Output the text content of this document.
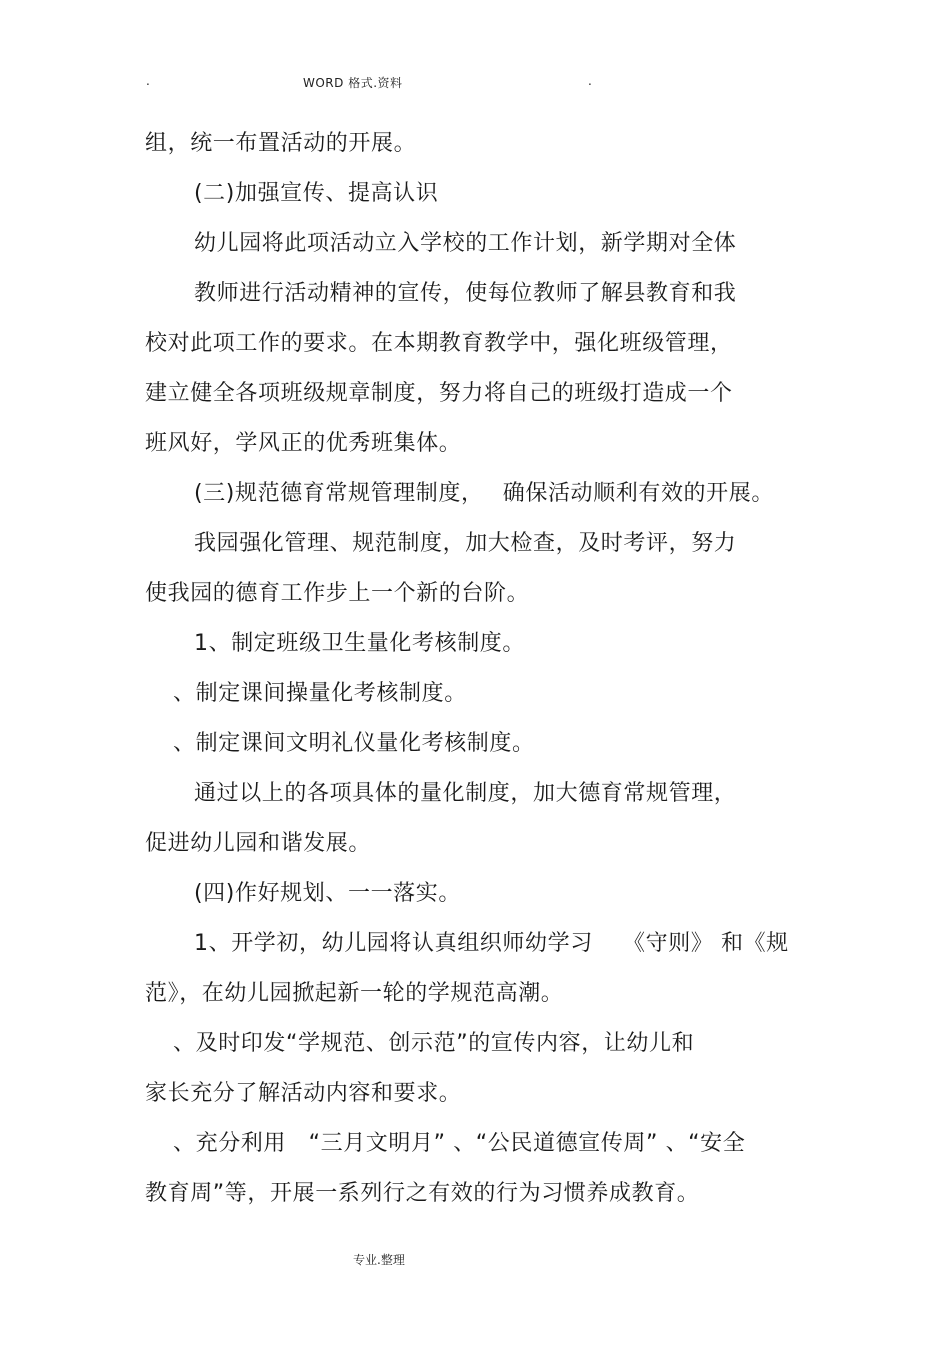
.	WORD 格式.资料	.
组，统一布置活动的开展。
(二)加强宣传、提高认识
幼儿园将此项活动立入学校的工作计划，新学期对全体
教师进行活动精神的宣传，使每位教师了解县教育和我
校对此项工作的要求。在本期教育教学中，强化班级管理，
建立健全各项班级规章制度，努力将自己的班级打造成一个
班风好，学风正的优秀班集体。
(三)规范德育常规管理制度，　 确保活动顺利有效的开展。
我园强化管理、规范制度，加大检查，及时考评，努力
使我园的德育工作步上一个新的台阶。
1、制定班级卫生量化考核制度。
、制定课间操量化考核制度。
、制定课间文明礼仪量化考核制度。
通过以上的各项具体的量化制度，加大德育常规管理，
促进幼儿园和谐发展。
(四)作好规划、一一落实。
1、开学初，幼儿园将认真组织师幼学习　 《守则》 和《规
范》，在幼儿园掀起新一轮的学规范高潮。
、及时印发“学规范、创示范”的宣传内容，让幼儿和
家长充分了解活动内容和要求。
、充分利用　“三月文明月” 、“公民道德宣传周” 、“安全
教育周”等，开展一系列行之有效的行为习惯养成教育。
专业.整理
